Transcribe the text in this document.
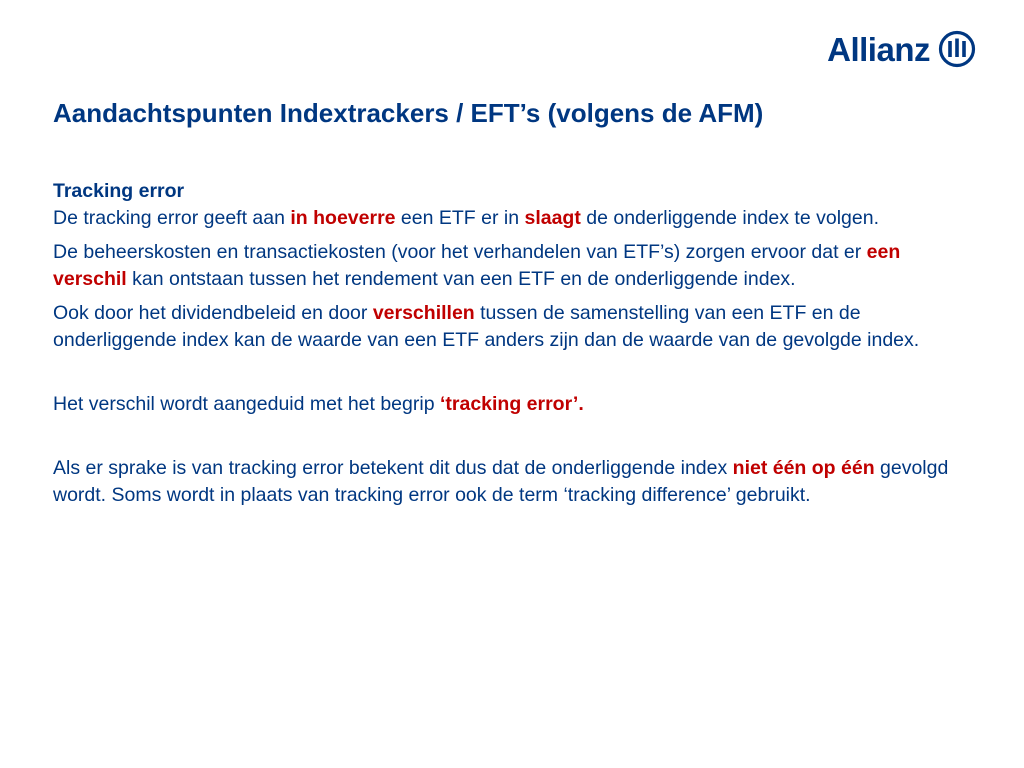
Allianz
Aandachtspunten Indextrackers / EFT’s (volgens de AFM)

Tracking error

De tracking error geeft aan in hoeverre een ETF er in slaagt de onderliggende index te volgen.

De beheerskosten en transactiekosten (voor het verhandelen van ETF’s) zorgen ervoor dat er een verschil kan ontstaan tussen het rendement van een ETF en de onderliggende index.

Ook door het dividendbeleid en door verschillen tussen de samenstelling van een ETF en de onderliggende index kan de waarde van een ETF anders zijn dan de waarde van de gevolgde index.

Het verschil wordt aangeduid met het begrip ‘tracking error’.

Als er sprake is van tracking error betekent dit dus dat de onderliggende index niet één op één gevolgd wordt. Soms wordt in plaats van tracking error ook de term ‘tracking difference’ gebruikt.
